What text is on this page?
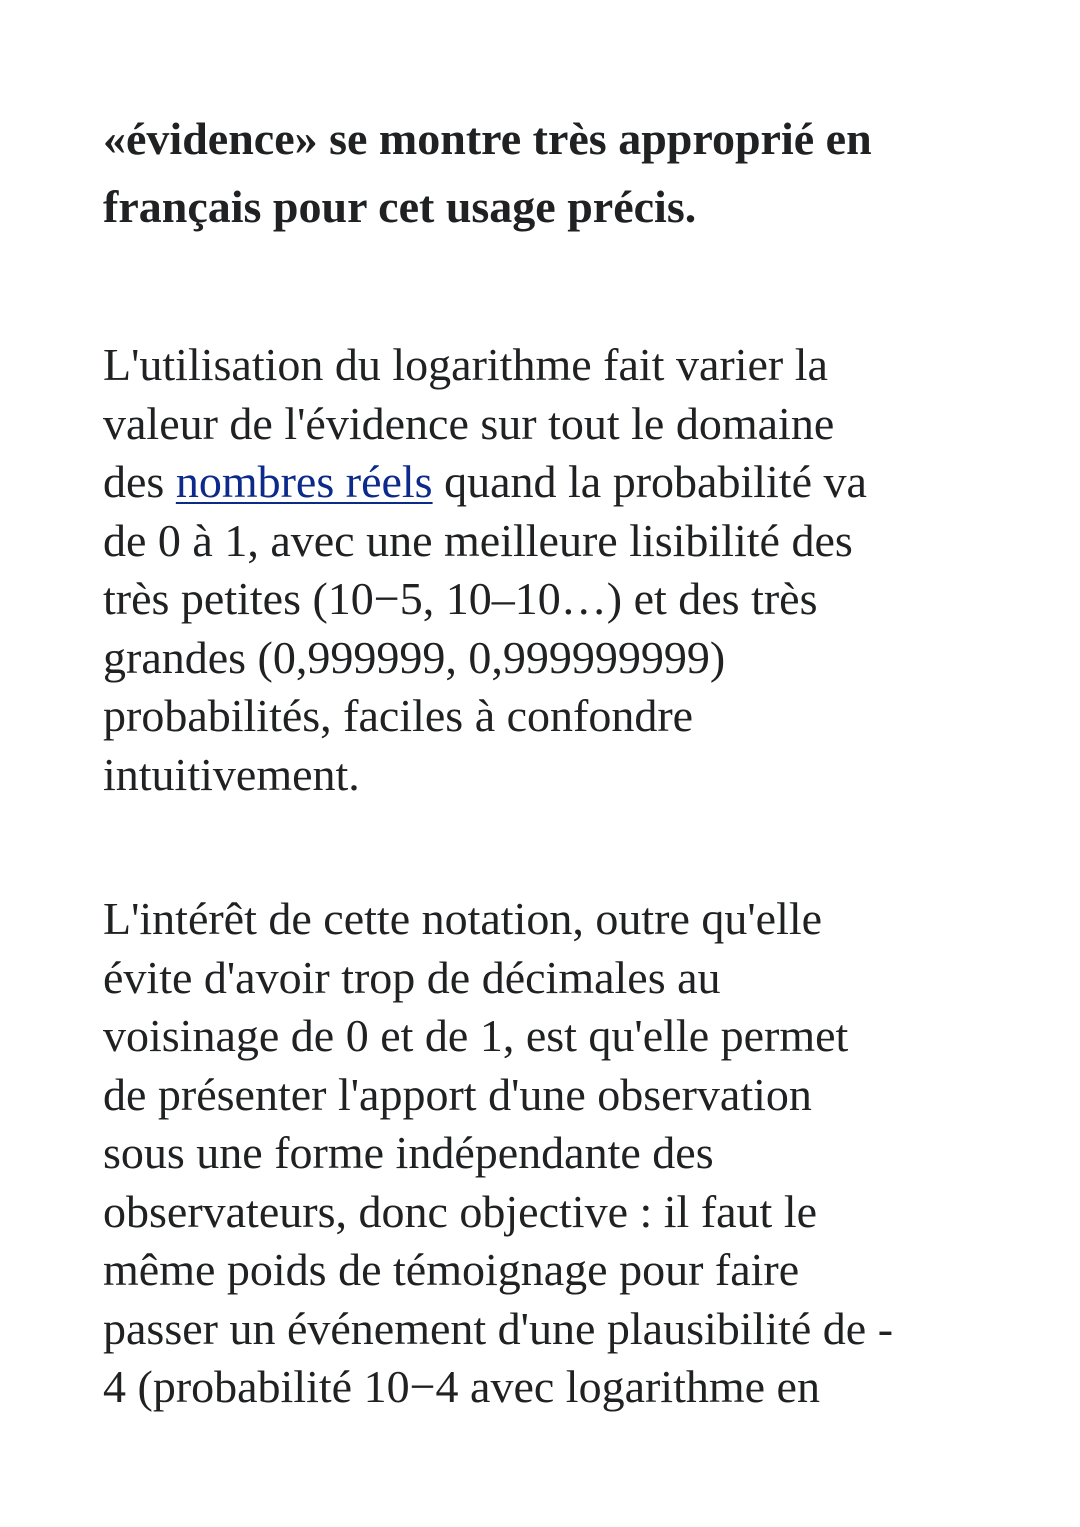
«évidence» se montre très approprié en
français pour cet usage précis.

L'utilisation du logarithme fait varier la
valeur de l'évidence sur tout le domaine
des nombres réels quand la probabilité va
de 0 à 1, avec une meilleure lisibilité des
très petites (10−5, 10–10…) et des très
grandes (0,999999, 0,999999999)
probabilités, faciles à confondre
intuitivement.

L'intérêt de cette notation, outre qu'elle
évite d'avoir trop de décimales au
voisinage de 0 et de 1, est qu'elle permet
de présenter l'apport d'une observation
sous une forme indépendante des
observateurs, donc objective : il faut le
même poids de témoignage pour faire
passer un événement d'une plausibilité de -
4 (probabilité 10−4 avec logarithme en
